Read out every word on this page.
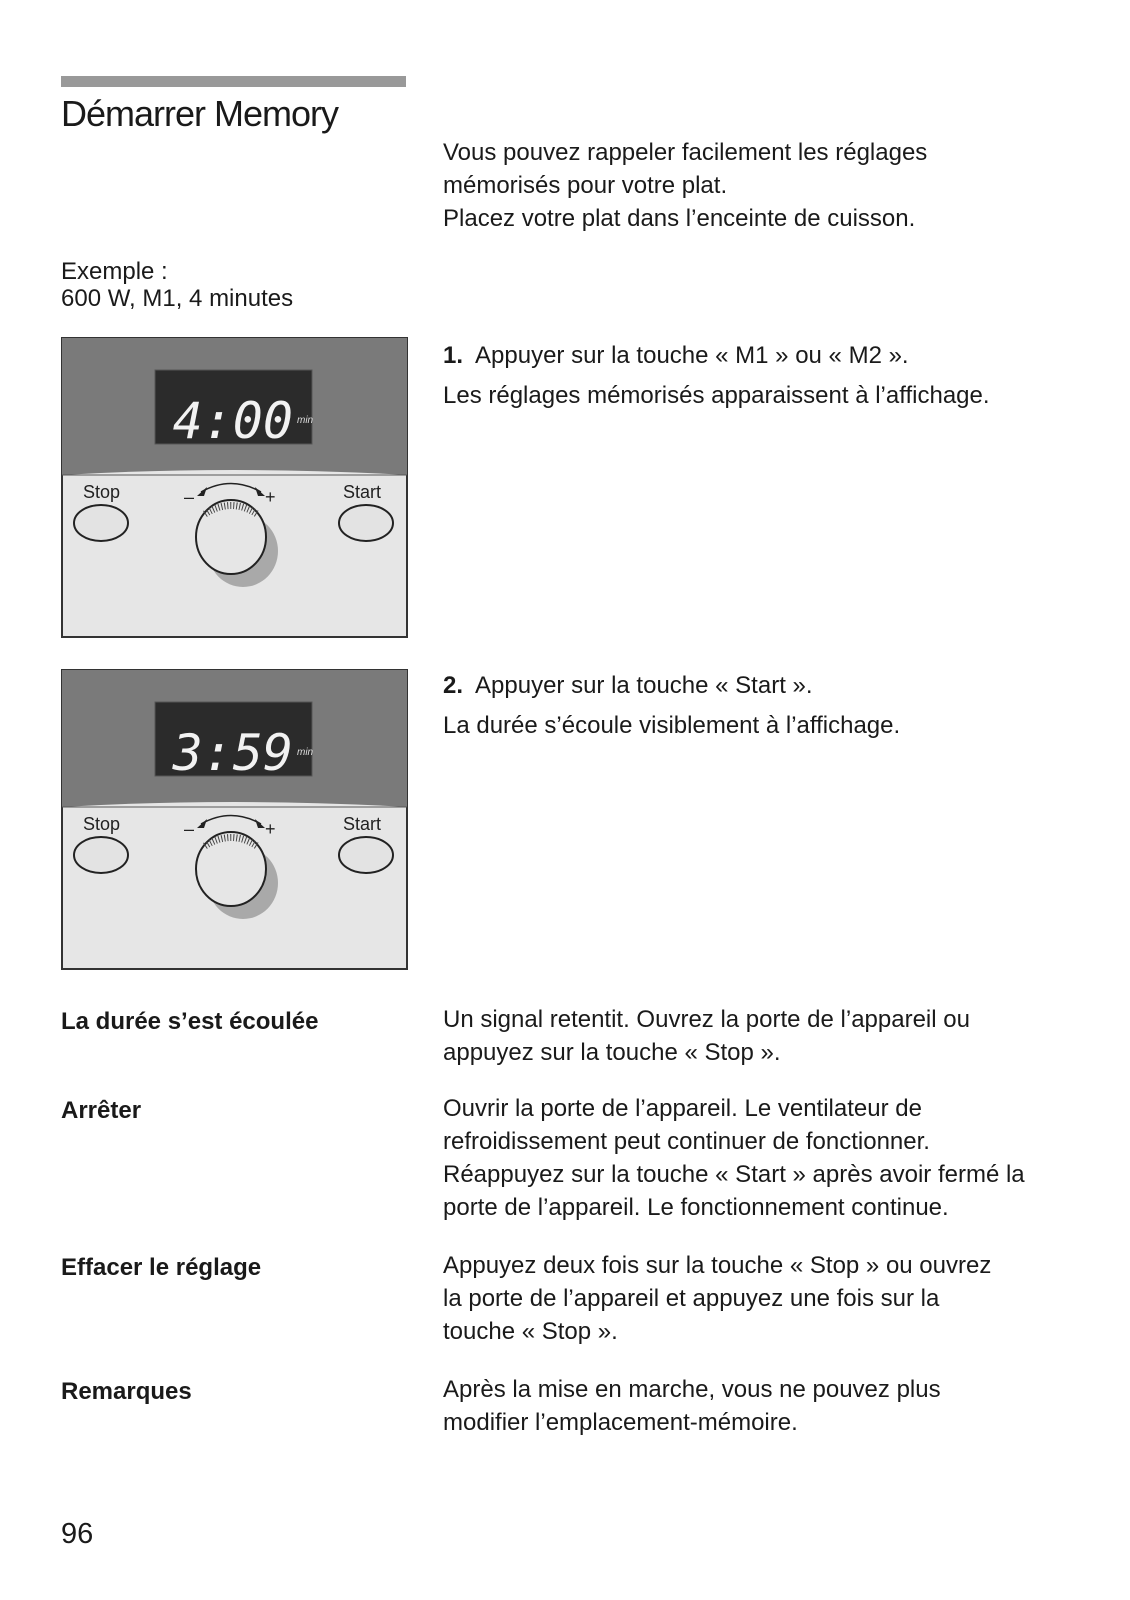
Démarrer Memory
Vous pouvez rappeler facilement les réglages
mémorisés pour votre plat.
Placez votre plat dans l’enceinte de cuisson.
Exemple :
600 W, M1, 4 minutes
4:00 min
Stop	Start
–	+
3:59 min
Stop	Start
–	+
1. Appuyer sur la touche « M1 » ou « M2 ».
Les réglages mémorisés apparaissent à l’affichage.
2. Appuyer sur la touche « Start ».
La durée s’écoule visiblement à l’affichage.
La durée s’est écoulée	Un signal retentit. Ouvrez la porte de l’appareil ou
appuyez sur la touche « Stop ».
Arrêter	Ouvrir la porte de l’appareil. Le ventilateur de
refroidissement peut continuer de fonctionner.
Réappuyez sur la touche « Start » après avoir fermé la
porte de l’appareil. Le fonctionnement continue.
Effacer le réglage	Appuyez deux fois sur la touche « Stop » ou ouvrez
la porte de l’appareil et appuyez une fois sur la
touche « Stop ».
Remarques	Après la mise en marche, vous ne pouvez plus
modifier l’emplacement-mémoire.
96
